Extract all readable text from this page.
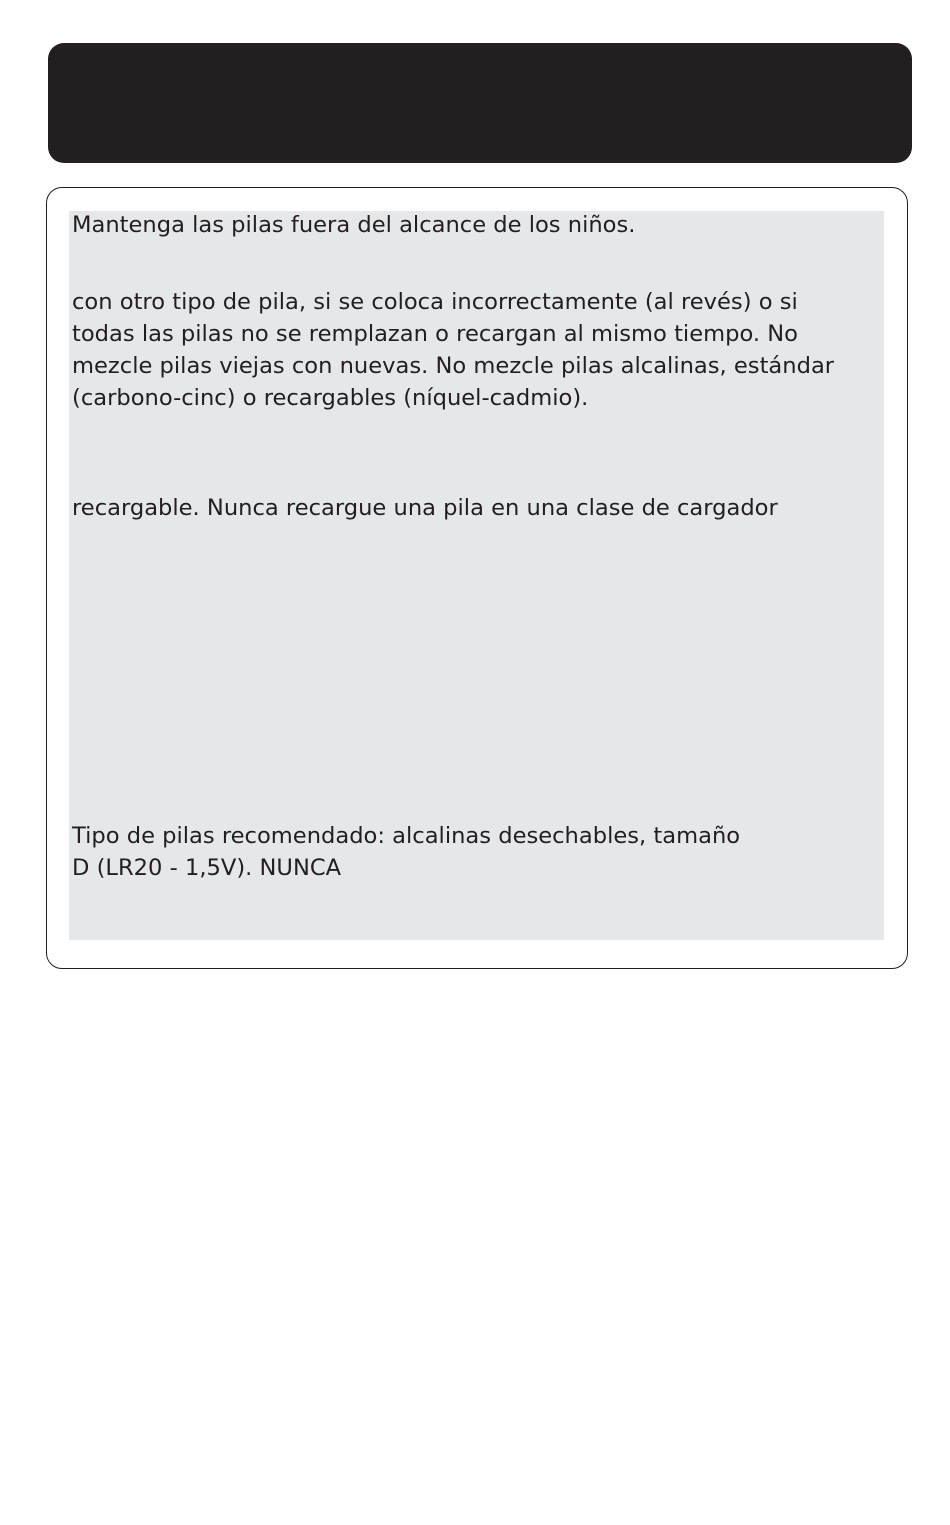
Mantenga las pilas fuera del alcance de los niños.

con otro tipo de pila, si se coloca incorrectamente (al revés) o si
todas las pilas no se remplazan o recargan al mismo tiempo. No
mezcle pilas viejas con nuevas. No mezcle pilas alcalinas, estándar
(carbono-cinc) o recargables (níquel-cadmio).

recargable. Nunca recargue una pila en una clase de cargador

Tipo de pilas recomendado: alcalinas desechables, tamaño
D (LR20 - 1,5V). NUNCA
